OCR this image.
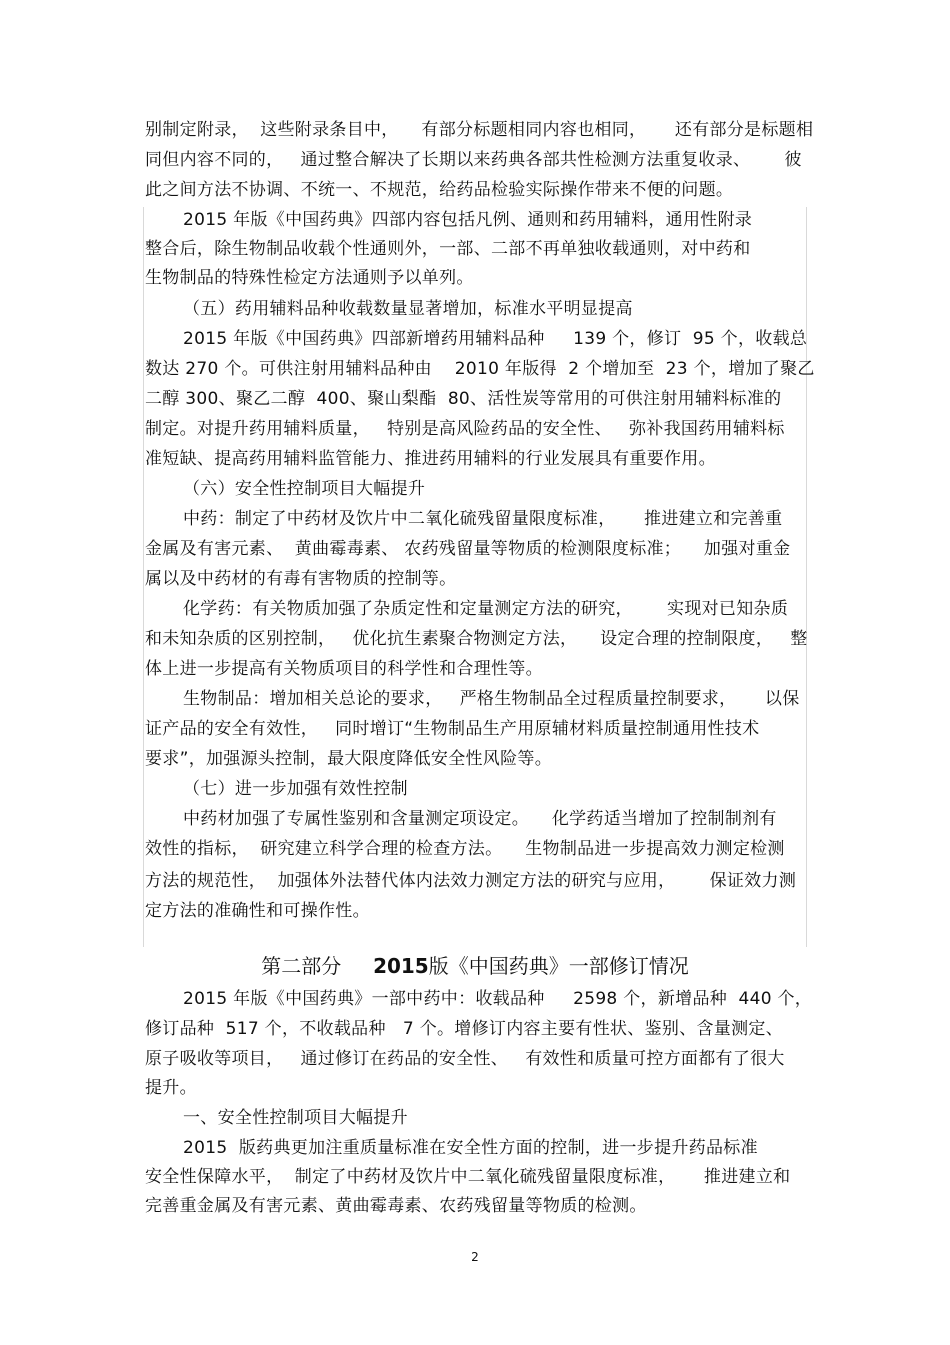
别制定附录，  这些附录条目中，    有部分标题相同内容也相同，     还有部分是标题相
同但内容不同的，   通过整合解决了长期以来药典各部共性检测方法重复收录、      彼
此之间方法不协调、不统一、不规范，给药品检验实际操作带来不便的问题。
2015 年版《中国药典》四部内容包括凡例、通则和药用辅料，通用性附录
整合后，除生物制品收载个性通则外，一部、二部不再单独收载通则，对中药和
生物制品的特殊性检定方法通则予以单列。
（五）药用辅料品种收载数量显著增加，标准水平明显提高
2015 年版《中国药典》四部新增药用辅料品种     139 个，修订  95 个，收载总
数达 270 个。可供注射用辅料品种由    2010 年版得  2 个增加至  23 个，增加了聚乙
二醇 300、聚乙二醇  400、聚山梨酯  80、活性炭等常用的可供注射用辅料标准的
制定。对提升药用辅料质量，   特别是高风险药品的安全性、   弥补我国药用辅料标
准短缺、提高药用辅料监管能力、推进药用辅料的行业发展具有重要作用。
（六）安全性控制项目大幅提升
中药：制定了中药材及饮片中二氧化硫残留量限度标准，     推进建立和完善重
金属及有害元素、  黄曲霉毒素、 农药残留量等物质的检测限度标准；    加强对重金
属以及中药材的有毒有害物质的控制等。
化学药：有关物质加强了杂质定性和定量测定方法的研究，      实现对已知杂质
和未知杂质的区别控制，   优化抗生素聚合物测定方法，    设定合理的控制限度，   整
体上进一步提高有关物质项目的科学性和合理性等。
生物制品：增加相关总论的要求，   严格生物制品全过程质量控制要求，     以保
证产品的安全有效性，   同时增订“生物制品生产用原辅材料质量控制通用性技术
要求”，加强源头控制，最大限度降低安全性风险等。
（七）进一步加强有效性控制
中药材加强了专属性鉴别和含量测定项设定。    化学药适当增加了控制制剂有
效性的指标，  研究建立科学合理的检查方法。    生物制品进一步提高效力测定检测
方法的规范性，  加强体外法替代体内法效力测定方法的研究与应用，      保证效力测
定方法的准确性和可操作性。
第二部分 2015版《中国药典》一部修订情况
2015 年版《中国药典》一部中药中：收载品种     2598 个，新增品种  440 个，
修订品种  517 个，不收载品种   7 个。增修订内容主要有性状、鉴别、含量测定、
原子吸收等项目，   通过修订在药品的安全性、   有效性和质量可控方面都有了很大
提升。
一、安全性控制项目大幅提升
2015  版药典更加注重质量标准在安全性方面的控制，进一步提升药品标准
安全性保障水平，  制定了中药材及饮片中二氧化硫残留量限度标准，     推进建立和
完善重金属及有害元素、黄曲霉毒素、农药残留量等物质的检测。
2
